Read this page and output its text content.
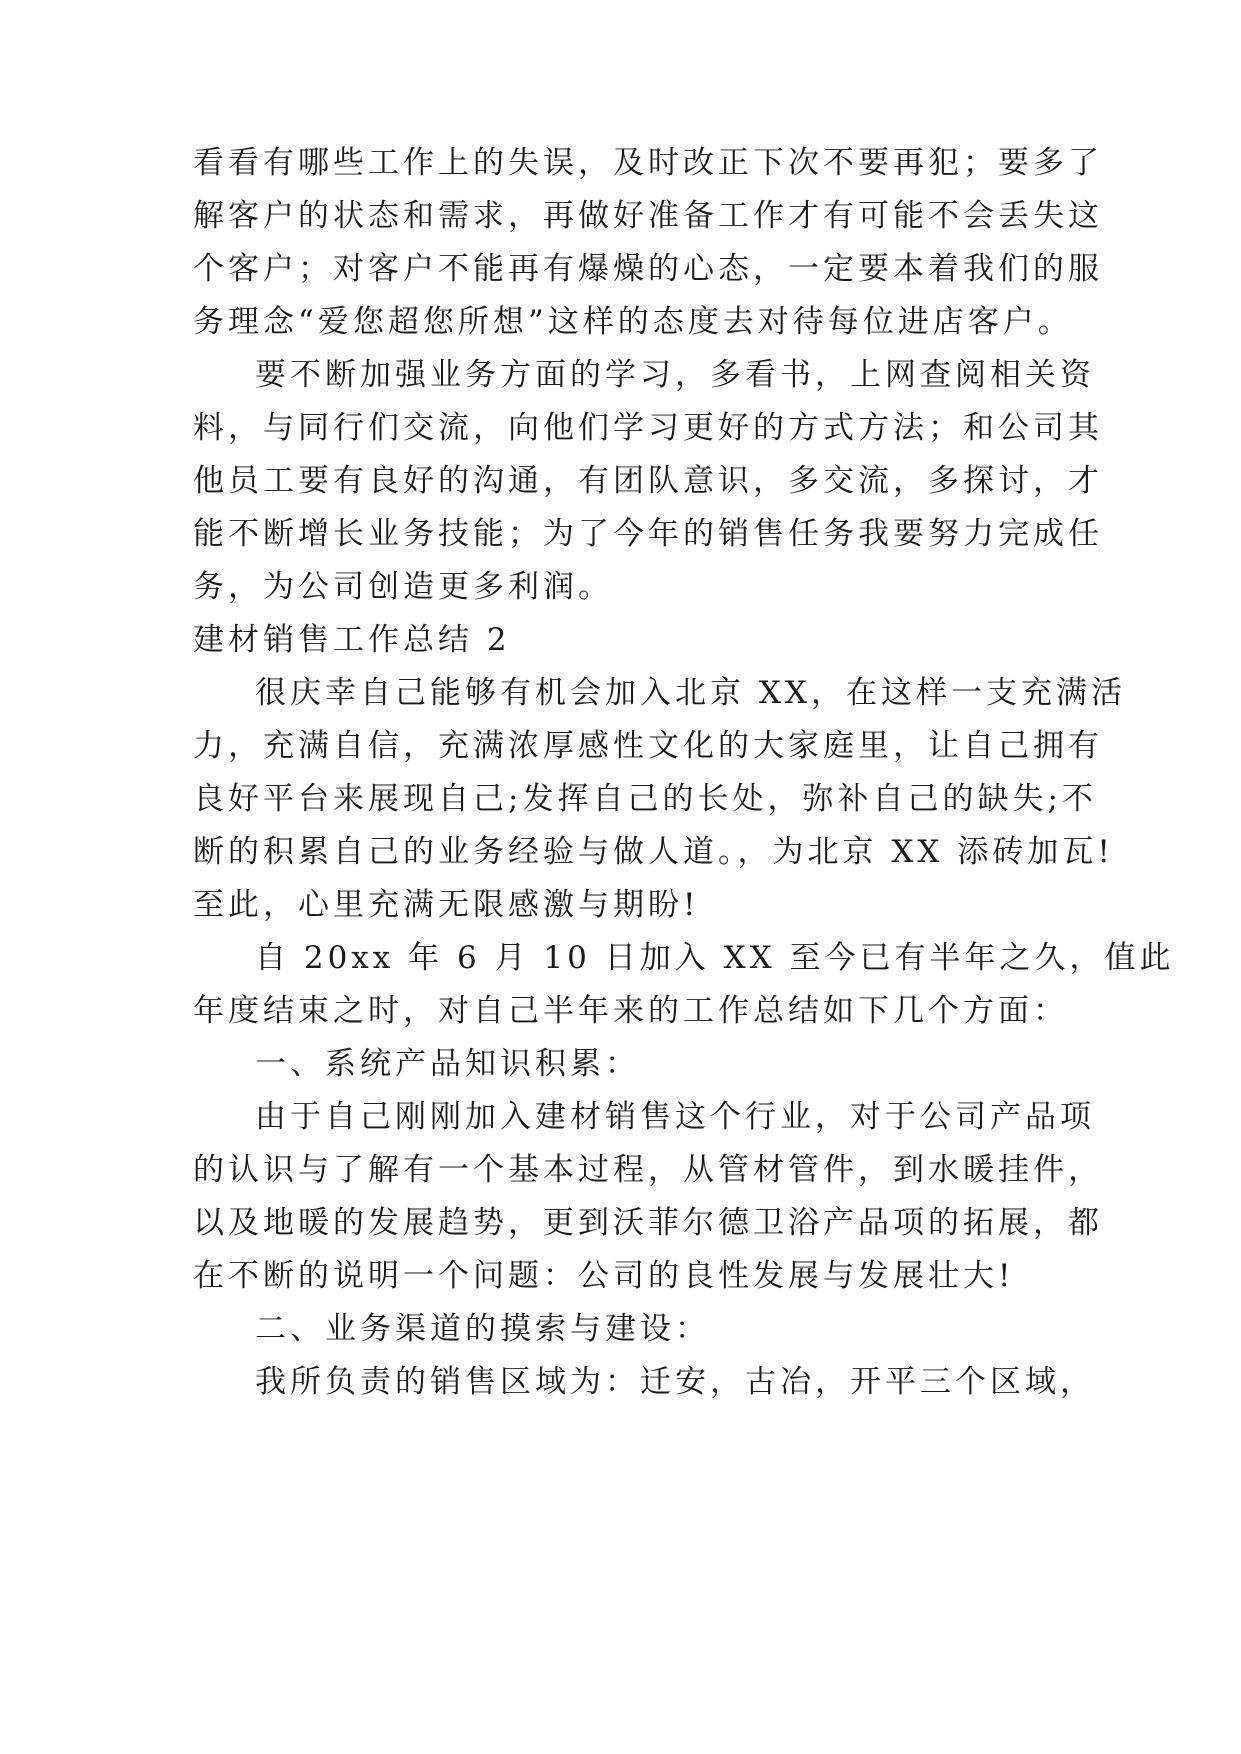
看看有哪些工作上的失误，及时改正下次不要再犯；要多了
解客户的状态和需求，再做好准备工作才有可能不会丢失这
个客户；对客户不能再有爆燥的心态，一定要本着我们的服
务理念“爱您超您所想”这样的态度去对待每位进店客户。
要不断加强业务方面的学习，多看书，上网查阅相关资
料，与同行们交流，向他们学习更好的方式方法；和公司其
他员工要有良好的沟通，有团队意识，多交流，多探讨，才
能不断增长业务技能；为了今年的销售任务我要努力完成任
务，为公司创造更多利润。
建材销售工作总结 2
很庆幸自己能够有机会加入北京 XX，在这样一支充满活
力，充满自信，充满浓厚感性文化的大家庭里，让自己拥有
良好平台来展现自己;发挥自己的长处，弥补自己的缺失;不
断的积累自己的业务经验与做人道。，为北京 XX 添砖加瓦!
至此，心里充满无限感激与期盼!
自 20xx 年 6 月 10 日加入 XX 至今已有半年之久，值此
年度结束之时，对自己半年来的工作总结如下几个方面：
一、系统产品知识积累：
由于自己刚刚加入建材销售这个行业，对于公司产品项
的认识与了解有一个基本过程，从管材管件，到水暖挂件，
以及地暖的发展趋势，更到沃菲尔德卫浴产品项的拓展，都
在不断的说明一个问题：公司的良性发展与发展壮大!
二、业务渠道的摸索与建设：
我所负责的销售区域为：迁安，古冶，开平三个区域，
